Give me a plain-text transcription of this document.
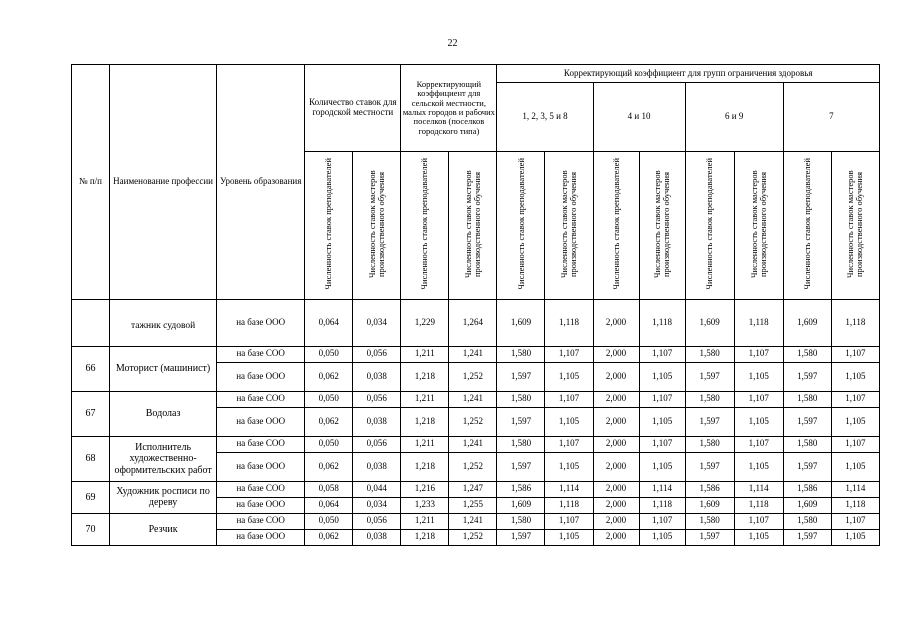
22
№ п/п	Наименование профессии	Уровень образования	Количество ставок для городской местности		Корректирующий коэффициент для сельской местности, малых городов и рабочих поселков (поселков городского типа)		Корректирующий коэффициент для групп ограничения здоровья							
							1, 2, 3, 5 и 8		4 и 10		6 и 9		7	
			Численность ставок преподавателей	Численность ставок мастеров производственного обучения	Численность ставок преподавателей	Численность ставок мастеров производственного обучения	Численность ставок преподавателей	Численность ставок мастеров производственного обучения	Численность ставок преподавателей	Численность ставок мастеров производственного обучения	Численность ставок преподавателей	Численность ставок мастеров производственного обучения	Численность ставок преподавателей	Численность ставок мастеров производственного обучения
	тажник судовой	на базе ООО	0,064	0,034	1,229	1,264	1,609	1,118	2,000	1,118	1,609	1,118	1,609	1,118
66	Моторист (машинист)	на базе СОО	0,050	0,056	1,211	1,241	1,580	1,107	2,000	1,107	1,580	1,107	1,580	1,107
		на базе ООО	0,062	0,038	1,218	1,252	1,597	1,105	2,000	1,105	1,597	1,105	1,597	1,105
67	Водолаз	на базе СОО	0,050	0,056	1,211	1,241	1,580	1,107	2,000	1,107	1,580	1,107	1,580	1,107
		на базе ООО	0,062	0,038	1,218	1,252	1,597	1,105	2,000	1,105	1,597	1,105	1,597	1,105
68	Исполнитель художественно-оформительских работ	на базе СОО	0,050	0,056	1,211	1,241	1,580	1,107	2,000	1,107	1,580	1,107	1,580	1,107
		на базе ООО	0,062	0,038	1,218	1,252	1,597	1,105	2,000	1,105	1,597	1,105	1,597	1,105
69	Художник росписи по дереву	на базе СОО	0,058	0,044	1,216	1,247	1,586	1,114	2,000	1,114	1,586	1,114	1,586	1,114
		на базе ООО	0,064	0,034	1,233	1,255	1,609	1,118	2,000	1,118	1,609	1,118	1,609	1,118
70	Резчик	на базе СОО	0,050	0,056	1,211	1,241	1,580	1,107	2,000	1,107	1,580	1,107	1,580	1,107
		на базе ООО	0,062	0,038	1,218	1,252	1,597	1,105	2,000	1,105	1,597	1,105	1,597	1,105
